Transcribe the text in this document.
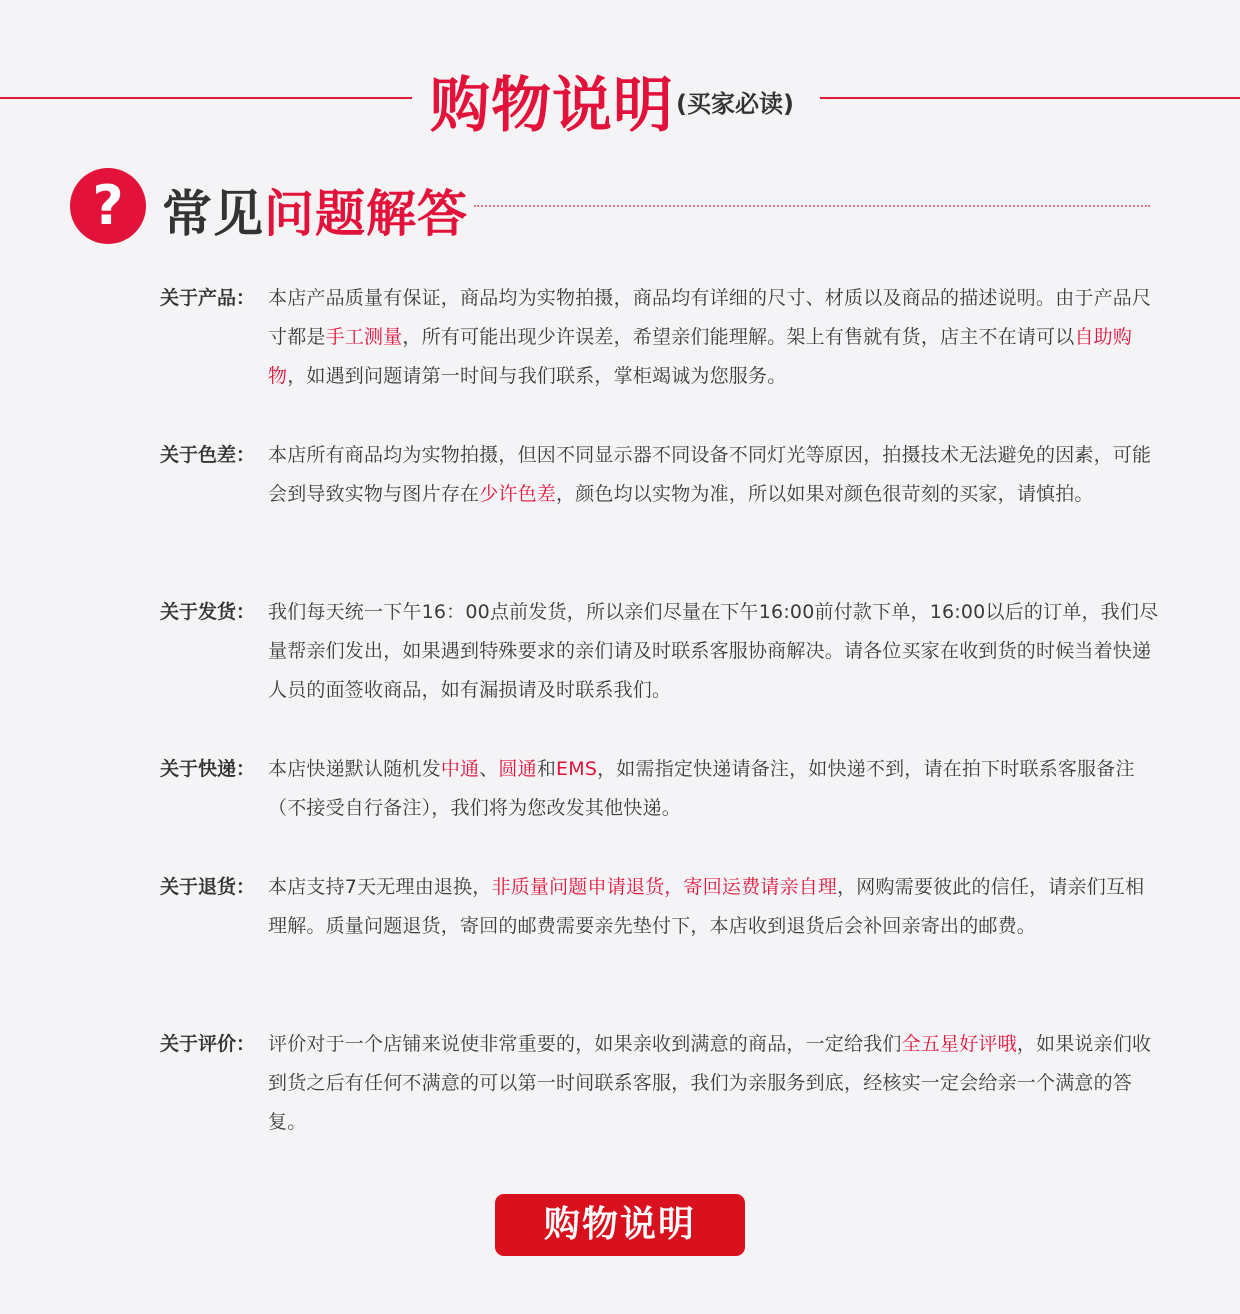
购物说明(买家必读)
? 常见问题解答
关于产品： 本店产品质量有保证，商品均为实物拍摄，商品均有详细的尺寸、材质以及商品的描述说明。由于产品尺寸都是手工测量，所有可能出现少许误差，希望亲们能理解。架上有售就有货，店主不在请可以自助购物，如遇到问题请第一时间与我们联系，掌柜竭诚为您服务。
关于色差： 本店所有商品均为实物拍摄，但因不同显示器不同设备不同灯光等原因，拍摄技术无法避免的因素，可能会到导致实物与图片存在少许色差，颜色均以实物为准，所以如果对颜色很苛刻的买家，请慎拍。
关于发货： 我们每天统一下午16：00点前发货，所以亲们尽量在下午16:00前付款下单，16:00以后的订单，我们尽量帮亲们发出，如果遇到特殊要求的亲们请及时联系客服协商解决。请各位买家在收到货的时候当着快递人员的面签收商品，如有漏损请及时联系我们。
关于快递： 本店快递默认随机发中通、圆通和EMS，如需指定快递请备注，如快递不到，请在拍下时联系客服备注（不接受自行备注），我们将为您改发其他快递。
关于退货： 本店支持7天无理由退换，非质量问题申请退货，寄回运费请亲自理，网购需要彼此的信任，请亲们互相理解。质量问题退货，寄回的邮费需要亲先垫付下，本店收到退货后会补回亲寄出的邮费。
关于评价： 评价对于一个店铺来说使非常重要的，如果亲收到满意的商品，一定给我们全五星好评哦，如果说亲们收到货之后有任何不满意的可以第一时间联系客服，我们为亲服务到底，经核实一定会给亲一个满意的答复。
购物说明
